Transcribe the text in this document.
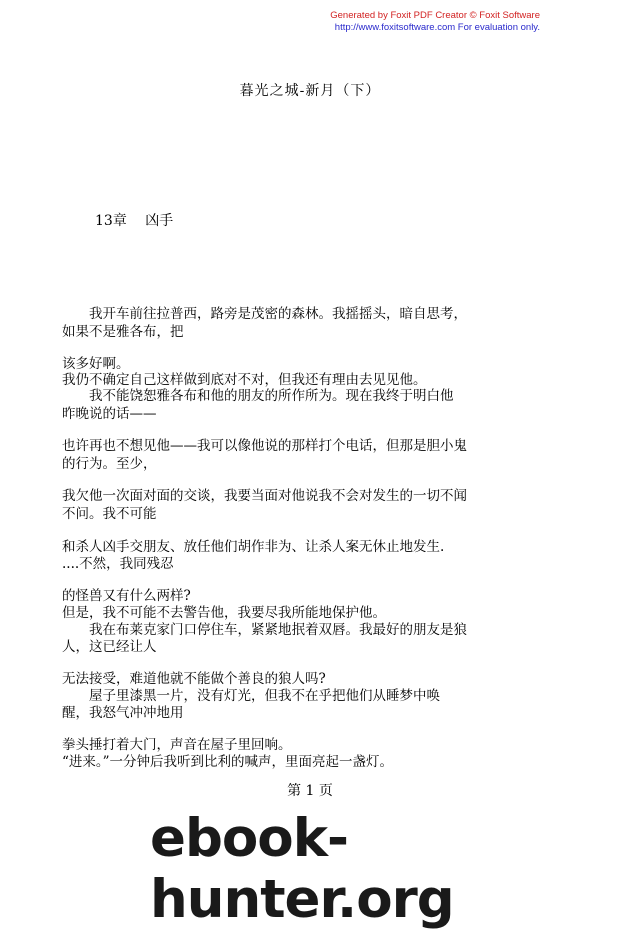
Generated by Foxit PDF Creator © Foxit Software
http://www.foxitsoftware.com For evaluation only.
暮光之城-新月（下）
13章　 凶手
　　我开车前往拉普西，路旁是茂密的森林。我摇摇头，暗自思考，
如果不是雅各布，把
该多好啊。
我仍不确定自己这样做到底对不对，但我还有理由去见见他。
　　我不能饶恕雅各布和他的朋友的所作所为。现在我终于明白他
昨晚说的话——
也许再也不想见他——我可以像他说的那样打个电话，但那是胆小鬼
的行为。至少，
我欠他一次面对面的交谈，我要当面对他说我不会对发生的一切不闻
不问。我不可能
和杀人凶手交朋友、放任他们胡作非为、让杀人案无休止地发生.
....不然，我同残忍
的怪兽又有什么两样?
但是，我不可能不去警告他，我要尽我所能地保护他。
　　我在布莱克家门口停住车，紧紧地抿着双唇。我最好的朋友是狼
人，这已经让人
无法接受，难道他就不能做个善良的狼人吗?
　　屋子里漆黑一片，没有灯光，但我不在乎把他们从睡梦中唤
醒，我怒气冲冲地用
拳头捶打着大门，声音在屋子里回响。
“进来。”一分钟后我听到比利的喊声，里面亮起一盏灯。
第 1 页
ebook-hunter.org
